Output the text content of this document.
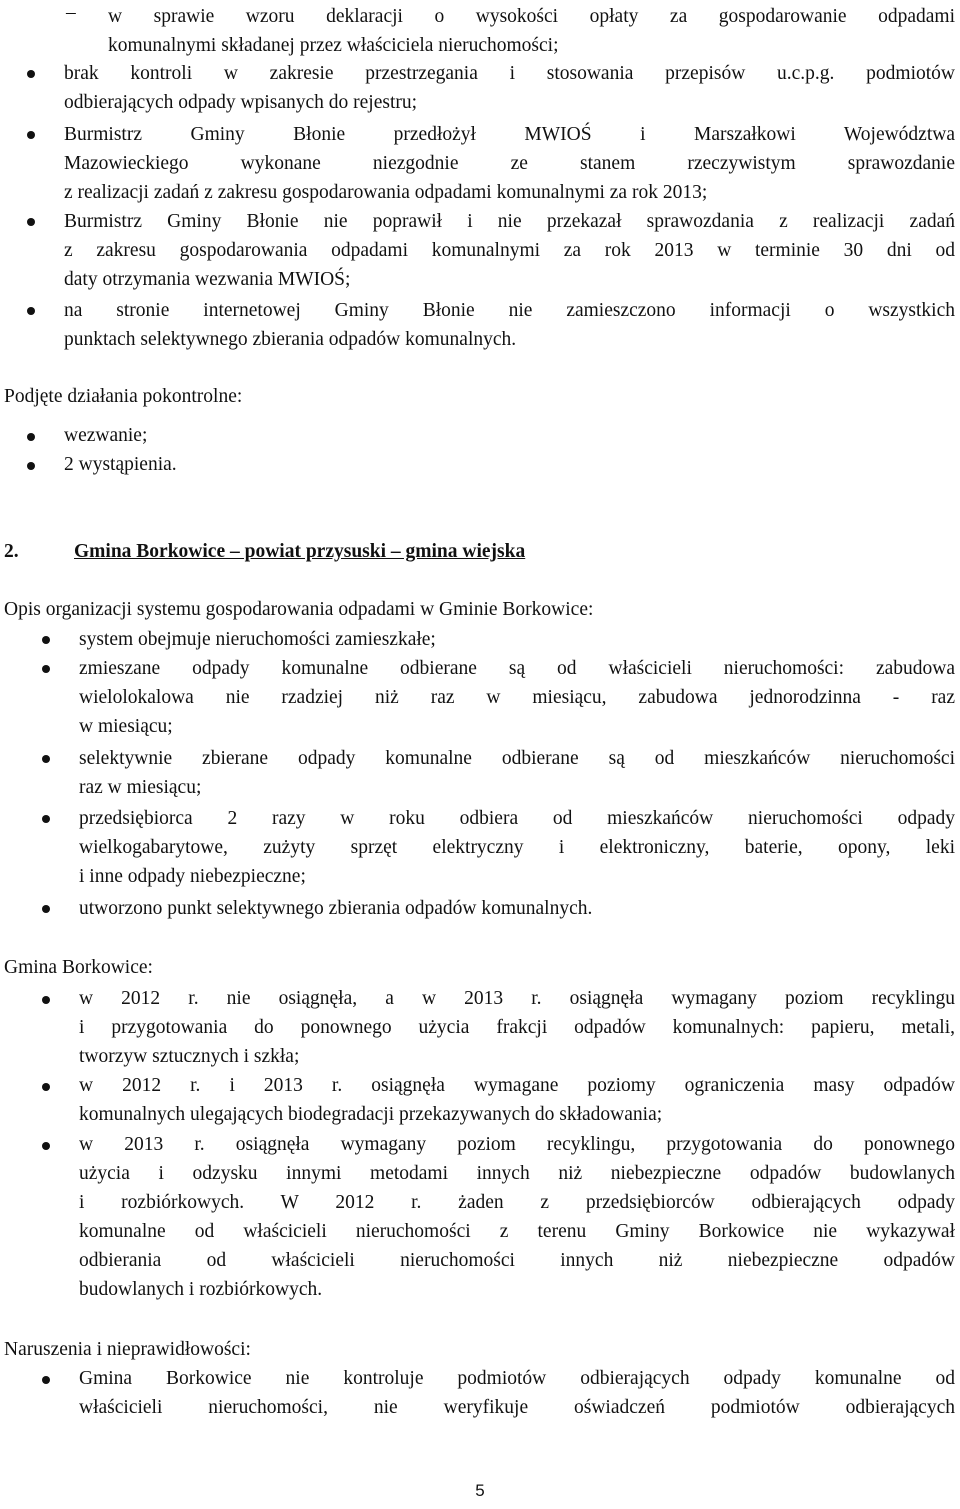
– w sprawie wzoru deklaracji o wysokości opłaty za gospodarowanie odpadami
komunalnymi składanej przez właściciela nieruchomości;
brak kontroli w zakresie przestrzegania i stosowania przepisów u.c.p.g. podmiotów
odbierających odpady wpisanych do rejestru;
Burmistrz Gminy Błonie przedłożył MWIOŚ i Marszałkowi Województwa
Mazowieckiego wykonane niezgodnie ze stanem rzeczywistym sprawozdanie
z realizacji zadań z zakresu gospodarowania odpadami komunalnymi za rok 2013;
Burmistrz Gminy Błonie nie poprawił i nie przekazał sprawozdania z realizacji zadań
z zakresu gospodarowania odpadami komunalnymi za rok 2013 w terminie 30 dni od
daty otrzymania wezwania MWIOŚ;
na stronie internetowej Gminy Błonie nie zamieszczono informacji o wszystkich
punktach selektywnego zbierania odpadów komunalnych.
Podjęte działania pokontrolne:
wezwanie;
2 wystąpienia.
2.	Gmina Borkowice – powiat przysuski – gmina wiejska
Opis organizacji systemu gospodarowania odpadami w Gminie Borkowice:
system obejmuje nieruchomości zamieszkałe;
zmieszane odpady komunalne odbierane są od właścicieli nieruchomości: zabudowa
wielolokalowa nie rzadziej niż raz w miesiącu, zabudowa jednorodzinna - raz
w miesiącu;
selektywnie zbierane odpady komunalne odbierane są od mieszkańców nieruchomości
raz w miesiącu;
przedsiębiorca 2 razy w roku odbiera od mieszkańców nieruchomości odpady
wielkogabarytowe, zużyty sprzęt elektryczny i elektroniczny, baterie, opony, leki
i inne odpady niebezpieczne;
utworzono punkt selektywnego zbierania odpadów komunalnych.
Gmina Borkowice:
w 2012 r. nie osiągnęła, a w 2013 r. osiągnęła wymagany poziom recyklingu
i przygotowania do ponownego użycia frakcji odpadów komunalnych: papieru, metali,
tworzyw sztucznych i szkła;
w 2012 r. i 2013 r. osiągnęła wymagane poziomy ograniczenia masy odpadów
komunalnych ulegających biodegradacji przekazywanych do składowania;
w 2013 r. osiągnęła wymagany poziom recyklingu, przygotowania do ponownego
użycia i odzysku innymi metodami innych niż niebezpieczne odpadów budowlanych
i rozbiórkowych. W 2012 r. żaden z przedsiębiorców odbierających odpady
komunalne od właścicieli nieruchomości z terenu Gminy Borkowice nie wykazywał
odbierania od właścicieli nieruchomości innych niż niebezpieczne odpadów
budowlanych i rozbiórkowych.
Naruszenia i nieprawidłowości:
Gmina Borkowice nie kontroluje podmiotów odbierających odpady komunalne od
właścicieli nieruchomości, nie weryfikuje oświadczeń podmiotów odbierających
5
